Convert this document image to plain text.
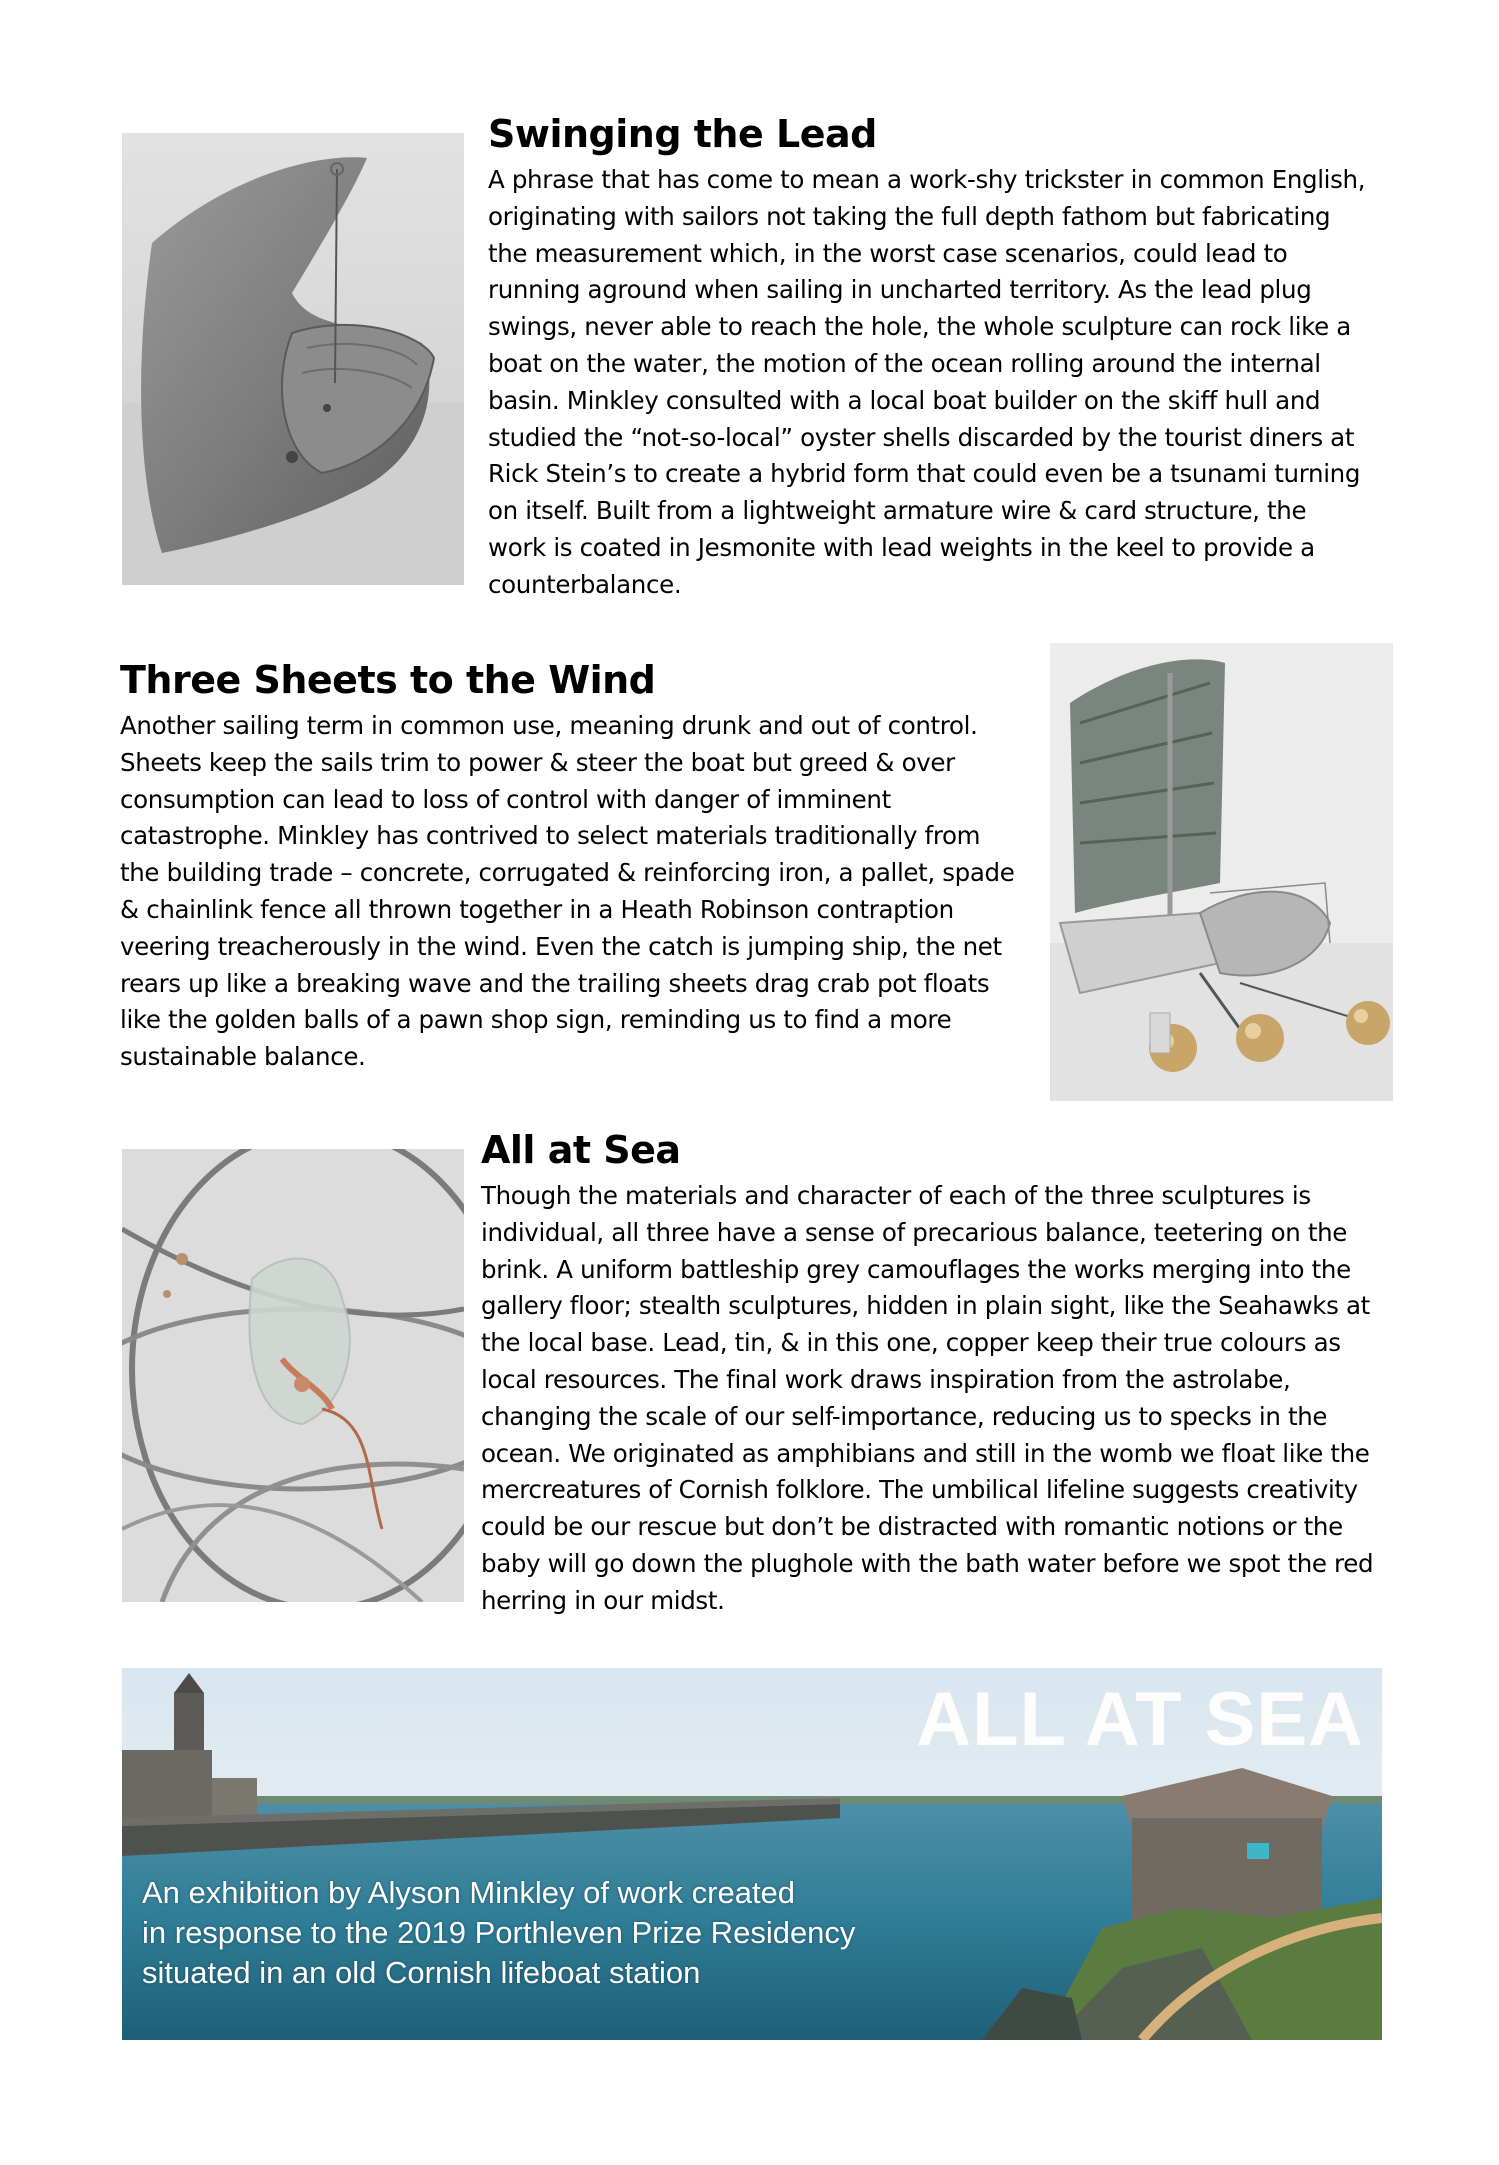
Swinging the Lead

A phrase that has come to mean a work-shy trickster in common English, originating with sailors not taking the full depth fathom but fabricating the measurement which, in the worst case scenarios, could lead to running aground when sailing in uncharted territory. As the lead plug swings, never able to reach the hole, the whole sculpture can rock like a boat on the water, the motion of the ocean rolling around the internal basin. Minkley consulted with a local boat builder on the skiff hull and studied the “not-so-local” oyster shells discarded by the tourist diners at Rick Stein’s to create a hybrid form that could even be a tsunami turning on itself. Built from a lightweight armature wire & card structure, the work is coated in Jesmonite with lead weights in the keel to provide a counterbalance.

Three Sheets to the Wind

Another sailing term in common use, meaning drunk and out of control. Sheets keep the sails trim to power & steer the boat but greed & over consumption can lead to loss of control with danger of imminent catastrophe. Minkley has contrived to select materials traditionally from the building trade – concrete, corrugated & reinforcing iron, a pallet, spade & chainlink fence all thrown together in a Heath Robinson contraption veering treacherously in the wind. Even the catch is jumping ship, the net rears up like a breaking wave and the trailing sheets drag crab pot floats like the golden balls of a pawn shop sign, reminding us to find a more sustainable balance.

All at Sea

Though the materials and character of each of the three sculptures is individual, all three have a sense of precarious balance, teetering on the brink. A uniform battleship grey camouflages the works merging into the gallery floor; stealth sculptures, hidden in plain sight, like the Seahawks at the local base. Lead, tin, & in this one, copper keep their true colours as local resources. The final work draws inspiration from the astrolabe, changing the scale of our self-importance, reducing us to specks in the ocean. We originated as amphibians and still in the womb we float like the mercreatures of Cornish folklore. The umbilical lifeline suggests creativity could be our rescue but don’t be distracted with romantic notions or the baby will go down the plughole with the bath water before we spot the red herring in our midst.

ALL AT SEA
An exhibition by Alyson Minkley of work created
in response to the 2019 Porthleven Prize Residency
situated in an old Cornish lifeboat station
